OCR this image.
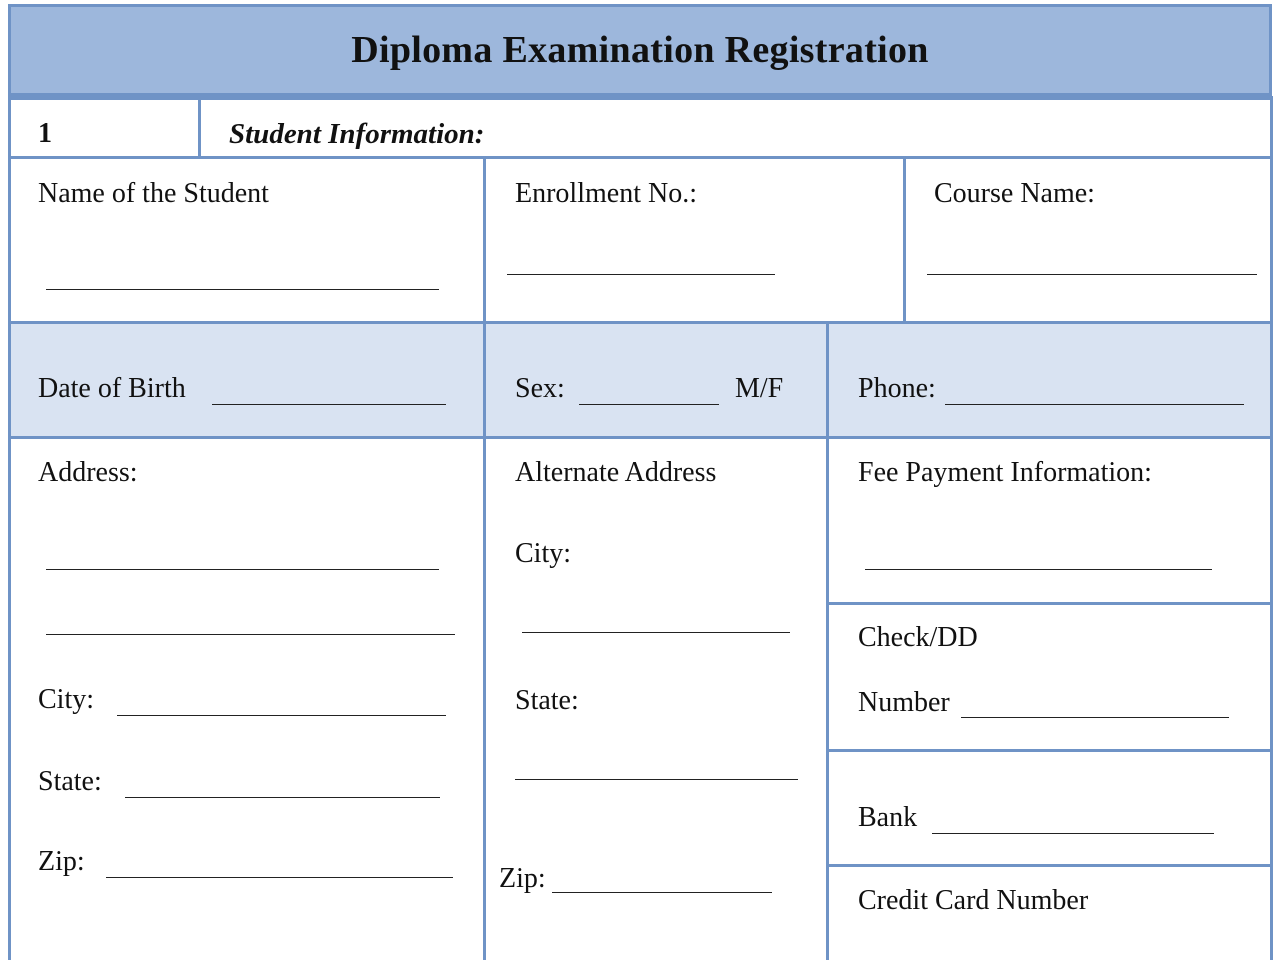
Diploma Examination Registration
1	Student Information:
Name of the Student	Enrollment No.:	Course Name:
Date of Birth	Sex:	M/F	Phone:
Address:
City:
State:
Zip:
Alternate Address
City:
State:
Zip:
Fee Payment Information:
Check/DD
Number
Bank
Credit Card Number
